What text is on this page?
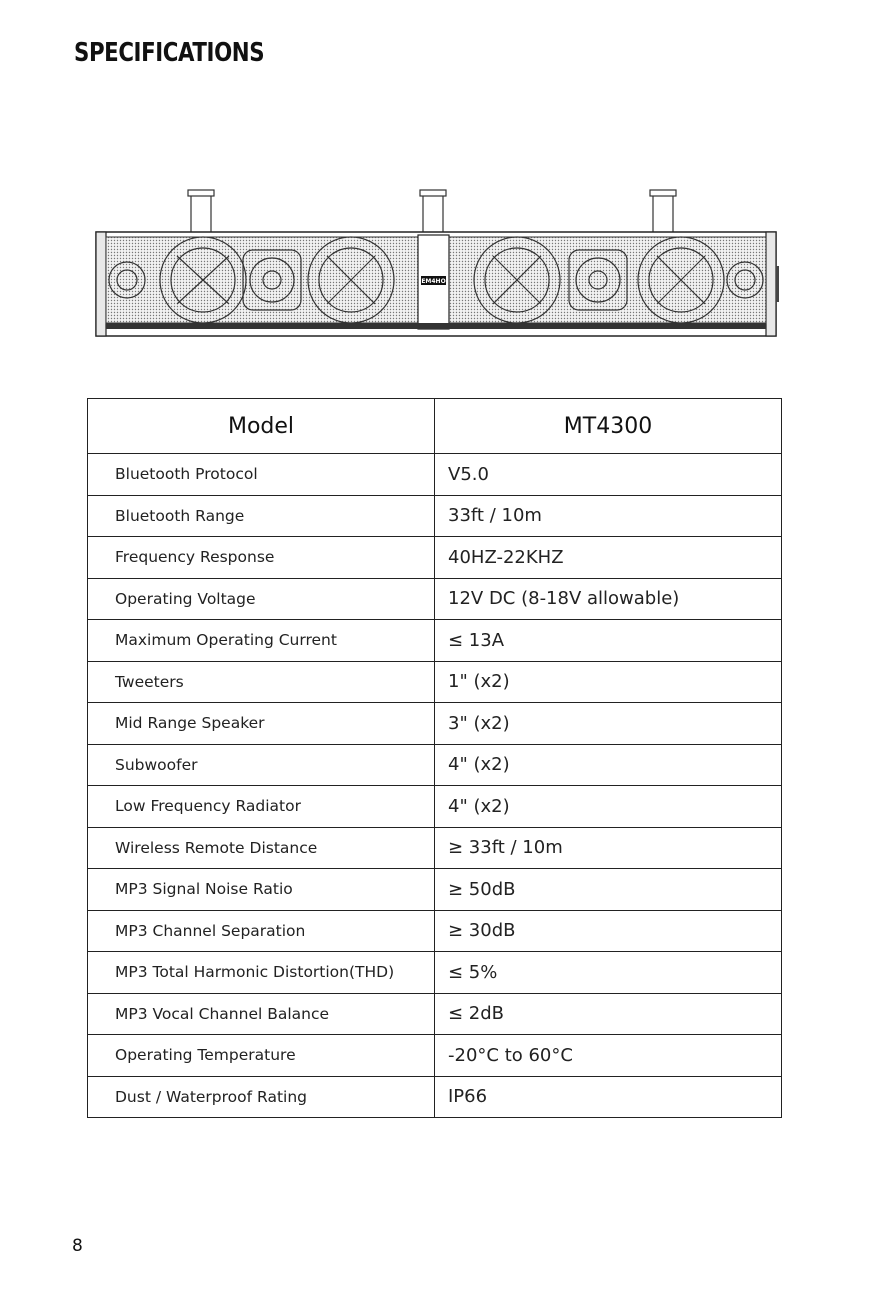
SPECIFICATIONS
EM4HO
Model	MT4300
Bluetooth Protocol	V5.0
Bluetooth Range	33ft / 10m
Frequency Response	40HZ-22KHZ
Operating Voltage	12V DC (8-18V allowable)
Maximum Operating Current	≤ 13A
Tweeters	1" (x2)
Mid Range Speaker	3" (x2)
Subwoofer	4" (x2)
Low Frequency Radiator	4" (x2)
Wireless Remote Distance	≥ 33ft / 10m
MP3 Signal Noise Ratio	≥ 50dB
MP3 Channel Separation	≥ 30dB
MP3 Total Harmonic Distortion(THD)	≤ 5%
MP3 Vocal Channel Balance	≤ 2dB
Operating Temperature	-20°C to 60°C
Dust / Waterproof Rating	IP66
8
